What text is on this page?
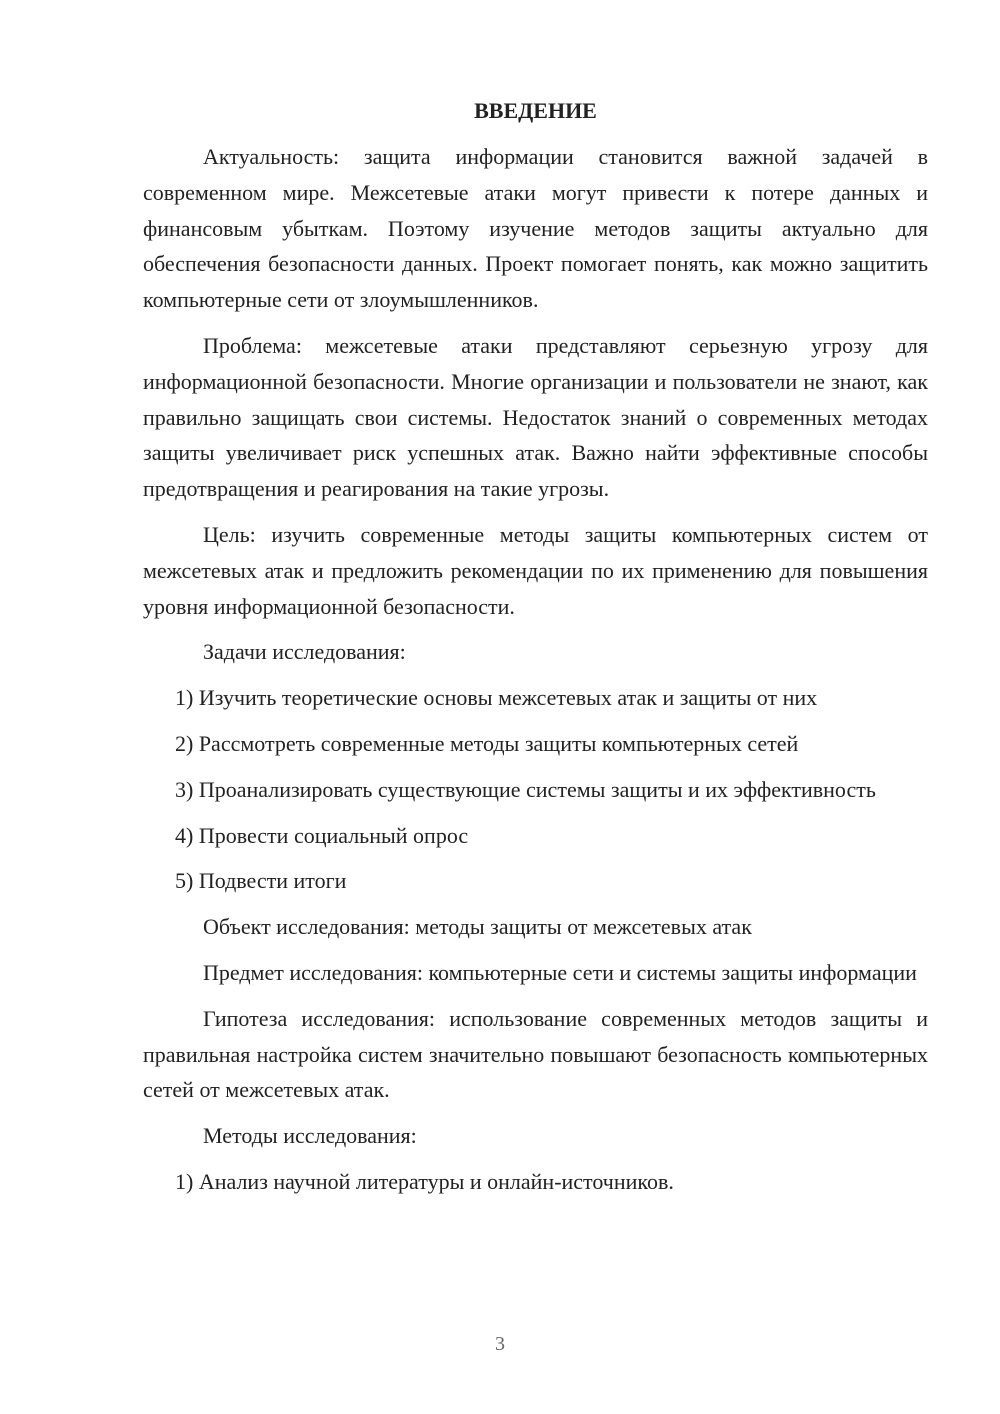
ВВЕДЕНИЕ

Актуальность: защита информации становится важной задачей в современном мире. Межсетевые атаки могут привести к потере данных и финансовым убыткам. Поэтому изучение методов защиты актуально для обеспечения безопасности данных. Проект помогает понять, как можно защитить компьютерные сети от злоумышленников.

Проблема: межсетевые атаки представляют серьезную угрозу для информационной безопасности. Многие организации и пользователи не знают, как правильно защищать свои системы. Недостаток знаний о современных методах защиты увеличивает риск успешных атак. Важно найти эффективные способы предотвращения и реагирования на такие угрозы.

Цель: изучить современные методы защиты компьютерных систем от межсетевых атак и предложить рекомендации по их применению для повышения уровня информационной безопасности.

Задачи исследования:

1) Изучить теоретические основы межсетевых атак и защиты от них

2) Рассмотреть современные методы защиты компьютерных сетей

3) Проанализировать существующие системы защиты и их эффективность

4) Провести социальный опрос

5) Подвести итоги

Объект исследования: методы защиты от межсетевых атак

Предмет исследования: компьютерные сети и системы защиты информации

Гипотеза исследования: использование современных методов защиты и правильная настройка систем значительно повышают безопасность компьютерных сетей от межсетевых атак.

Методы исследования:

1) Анализ научной литературы и онлайн-источников.

3
